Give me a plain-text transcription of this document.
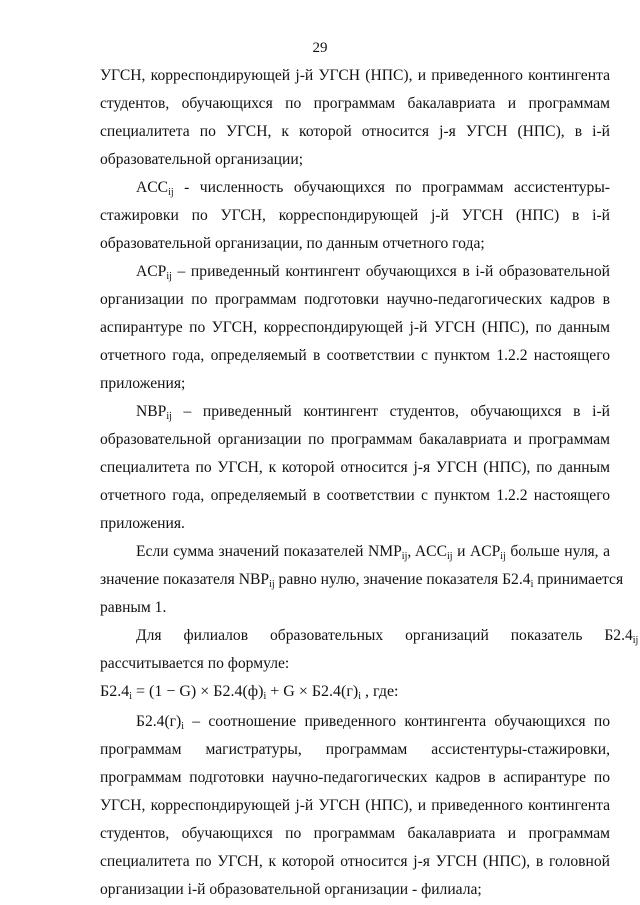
29
УГСН, корреспондирующей j-й УГСН (НПС), и приведенного контингента
студентов, обучающихся по программам бакалавриата и программам
специалитета по УГСН, к которой относится j-я УГСН (НПС), в i-й
образовательной организации;
$ACC_{ij}$ - численность обучающихся по программам ассистентуры-
стажировки по УГСН, корреспондирующей j-й УГСН (НПС) в i-й
образовательной организации, по данным отчетного года;
$ACP_{ij}$ – приведенный контингент обучающихся в i-й образовательной
организации по программам подготовки научно-педагогических кадров в
аспирантуре по УГСН, корреспондирующей j-й УГСН (НПС), по данным
отчетного года, определяемый в соответствии с пунктом 1.2.2 настоящего
приложения;
$NBP_{ij}$ – приведенный контингент студентов, обучающихся в i-й
образовательной организации по программам бакалавриата и программам
специалитета по УГСН, к которой относится j-я УГСН (НПС), по данным
отчетного года, определяемый в соответствии с пунктом 1.2.2 настоящего
приложения.
Если сумма значений показателей $NMP_{ij}$, $ACC_{ij}$ и $ACP_{ij}$ больше нуля, а
значение показателя $NBP_{ij}$ равно нулю, значение показателя $Б2.4_i$ принимается
равным 1.
Для филиалов образовательных организаций показатель $Б2.4_{ij}$
рассчитывается по формуле:
$Б2.4_i = (1 - G) \times Б2.4(ф)_i + G \times Б2.4(г)_i$ , где:
$Б2.4(г)_i$ – соотношение приведенного контингента обучающихся по
программам магистратуры, программам ассистентуры-стажировки,
программам подготовки научно-педагогических кадров в аспирантуре по
УГСН, корреспондирующей j-й УГСН (НПС), и приведенного контингента
студентов, обучающихся по программам бакалавриата и программам
специалитета по УГСН, к которой относится j-я УГСН (НПС), в головной
организации i-й образовательной организации - филиала;
